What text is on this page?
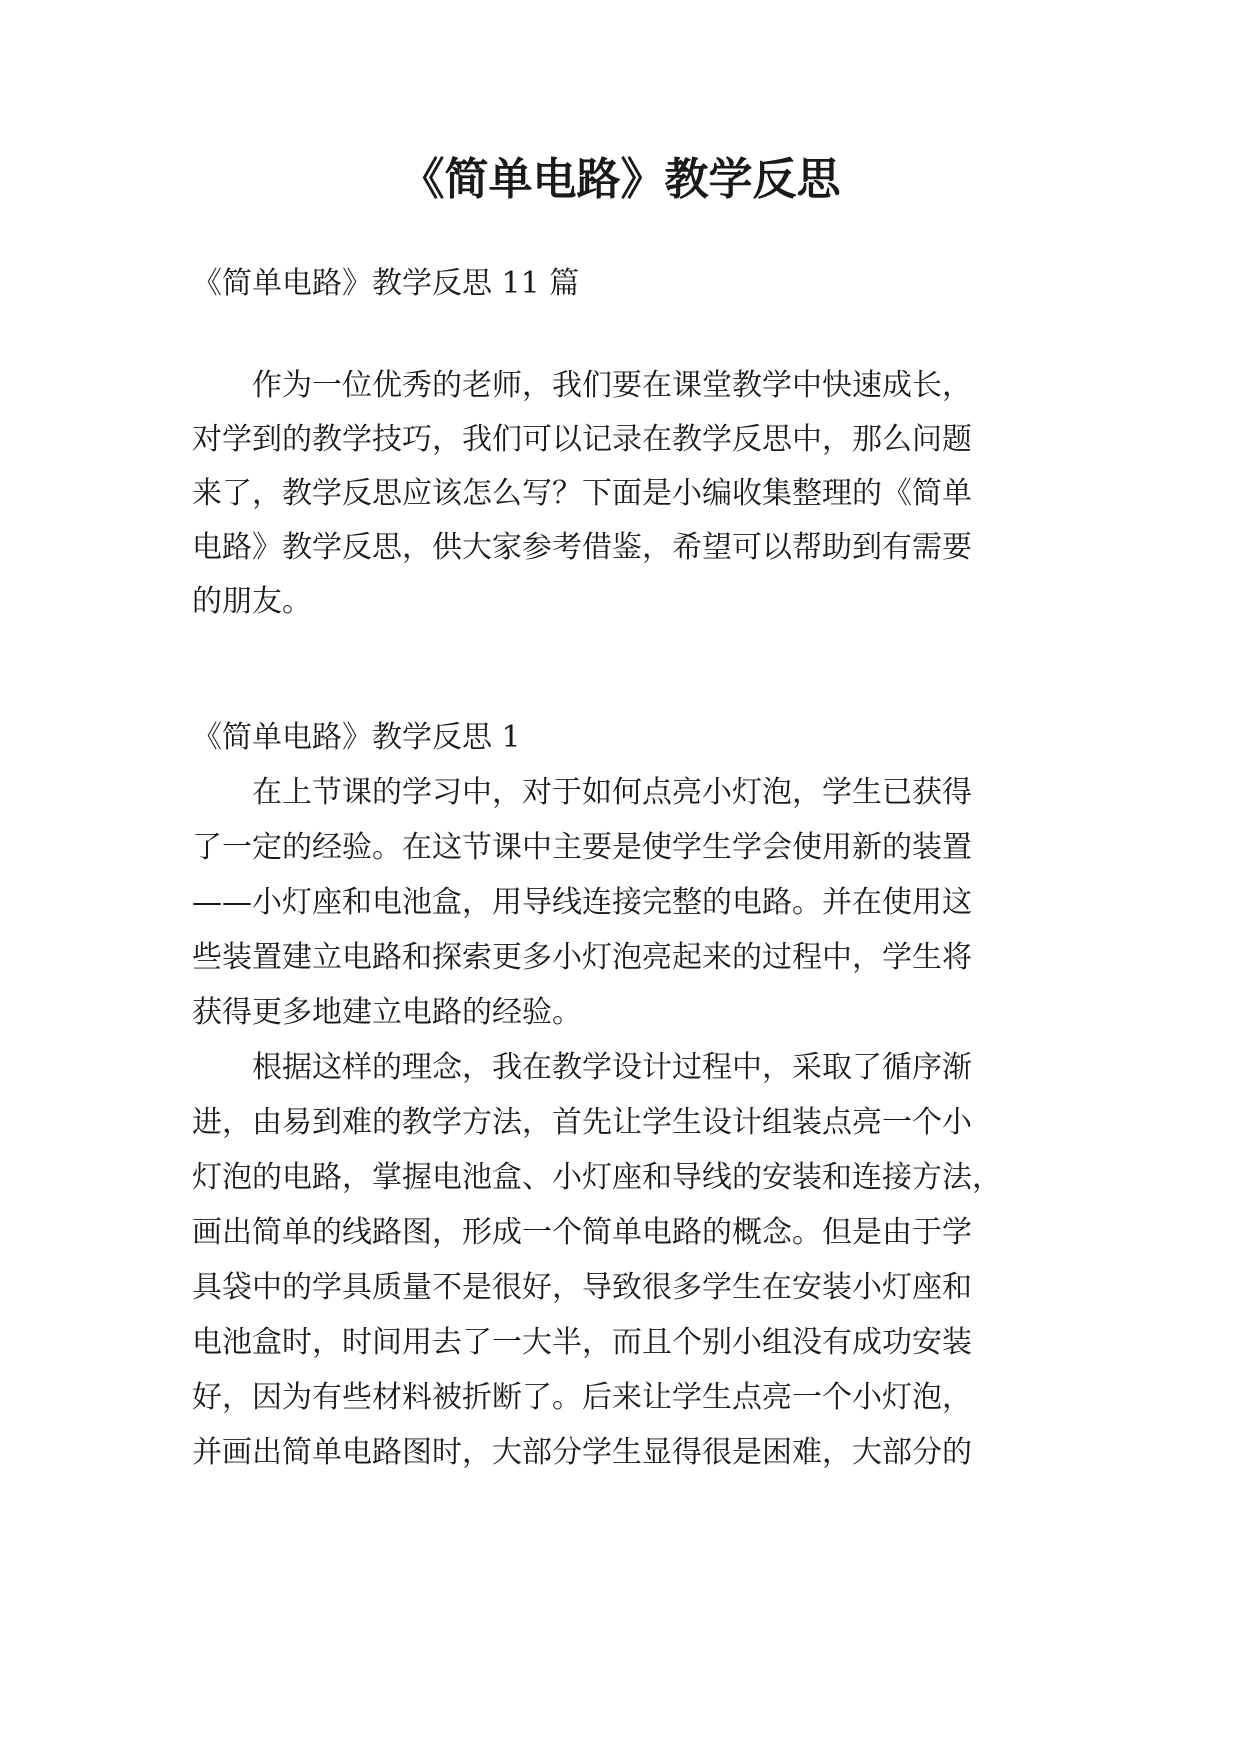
《简单电路》教学反思

《简单电路》教学反思 11 篇

作为一位优秀的老师，我们要在课堂教学中快速成长，

对学到的教学技巧，我们可以记录在教学反思中，那么问题

来了，教学反思应该怎么写？下面是小编收集整理的《简单

电路》教学反思，供大家参考借鉴，希望可以帮助到有需要

的朋友。

《简单电路》教学反思 1

在上节课的学习中，对于如何点亮小灯泡，学生已获得

了一定的经验。在这节课中主要是使学生学会使用新的装置

——小灯座和电池盒，用导线连接完整的电路。并在使用这

些装置建立电路和探索更多小灯泡亮起来的过程中，学生将

获得更多地建立电路的经验。

根据这样的理念，我在教学设计过程中，采取了循序渐

进，由易到难的教学方法，首先让学生设计组装点亮一个小

灯泡的电路，掌握电池盒、小灯座和导线的安装和连接方法，

画出简单的线路图，形成一个简单电路的概念。但是由于学

具袋中的学具质量不是很好，导致很多学生在安装小灯座和

电池盒时，时间用去了一大半，而且个别小组没有成功安装

好，因为有些材料被折断了。后来让学生点亮一个小灯泡，

并画出简单电路图时，大部分学生显得很是困难，大部分的
